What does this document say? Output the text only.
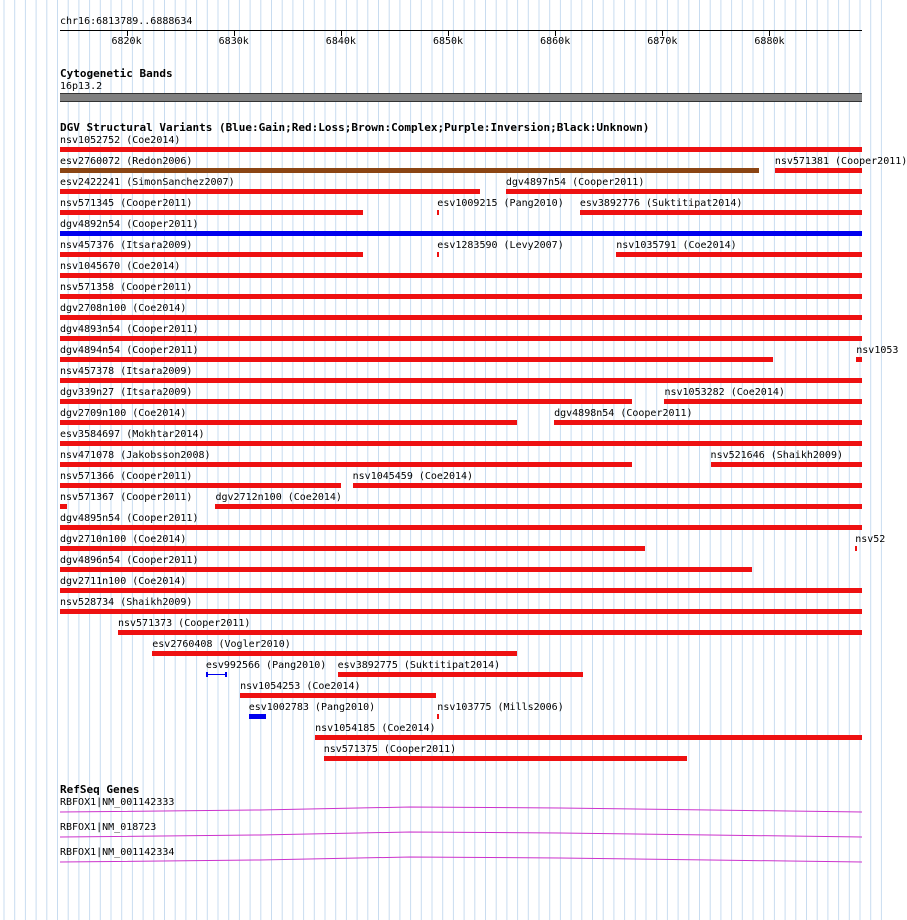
chr16:6813789..6888634
6820k	6830k	6840k	6850k	6860k	6870k	6880k
Cytogenetic Bands
16p13.2
DGV Structural Variants (Blue:Gain;Red:Loss;Brown:Complex;Purple:Inversion;Black:Unknown)
nsv1052752 (Coe2014)
esv2760072 (Redon2006)	nsv571381 (Cooper2011)
esv2422241 (SimonSanchez2007)	dgv4897n54 (Cooper2011)
nsv571345 (Cooper2011)	esv1009215 (Pang2010) esv3892776 (Suktitipat2014)
dgv4892n54 (Cooper2011)
nsv457376 (Itsara2009)	esv1283590 (Levy2007)	nsv1035791 (Coe2014)
nsv1045670 (Coe2014)
nsv571358 (Cooper2011)
dgv2708n100 (Coe2014)
dgv4893n54 (Cooper2011)
dgv4894n54 (Cooper2011)	nsv1053
nsv457378 (Itsara2009)
dgv339n27 (Itsara2009)	nsv1053282 (Coe2014)
dgv2709n100 (Coe2014)	dgv4898n54 (Cooper2011)
esv3584697 (Mokhtar2014)
nsv471078 (Jakobsson2008)	nsv521646 (Shaikh2009)
nsv571366 (Cooper2011)	nsv1045459 (Coe2014)
nsv571367 (Cooper2011) dgv2712n100 (Coe2014)
dgv4895n54 (Cooper2011)
dgv2710n100 (Coe2014)	nsv52
dgv4896n54 (Cooper2011)
dgv2711n100 (Coe2014)
nsv528734 (Shaikh2009)
nsv571373 (Cooper2011)
esv2760408 (Vogler2010)
esv992566 (Pang2010) esv3892775 (Suktitipat2014)
nsv1054253 (Coe2014)
esv1002783 (Pang2010)	nsv103775 (Mills2006)
nsv1054185 (Coe2014)
nsv571375 (Cooper2011)
RefSeq Genes
RBFOX1|NM_001142333
RBFOX1|NM_018723
RBFOX1|NM_001142334
